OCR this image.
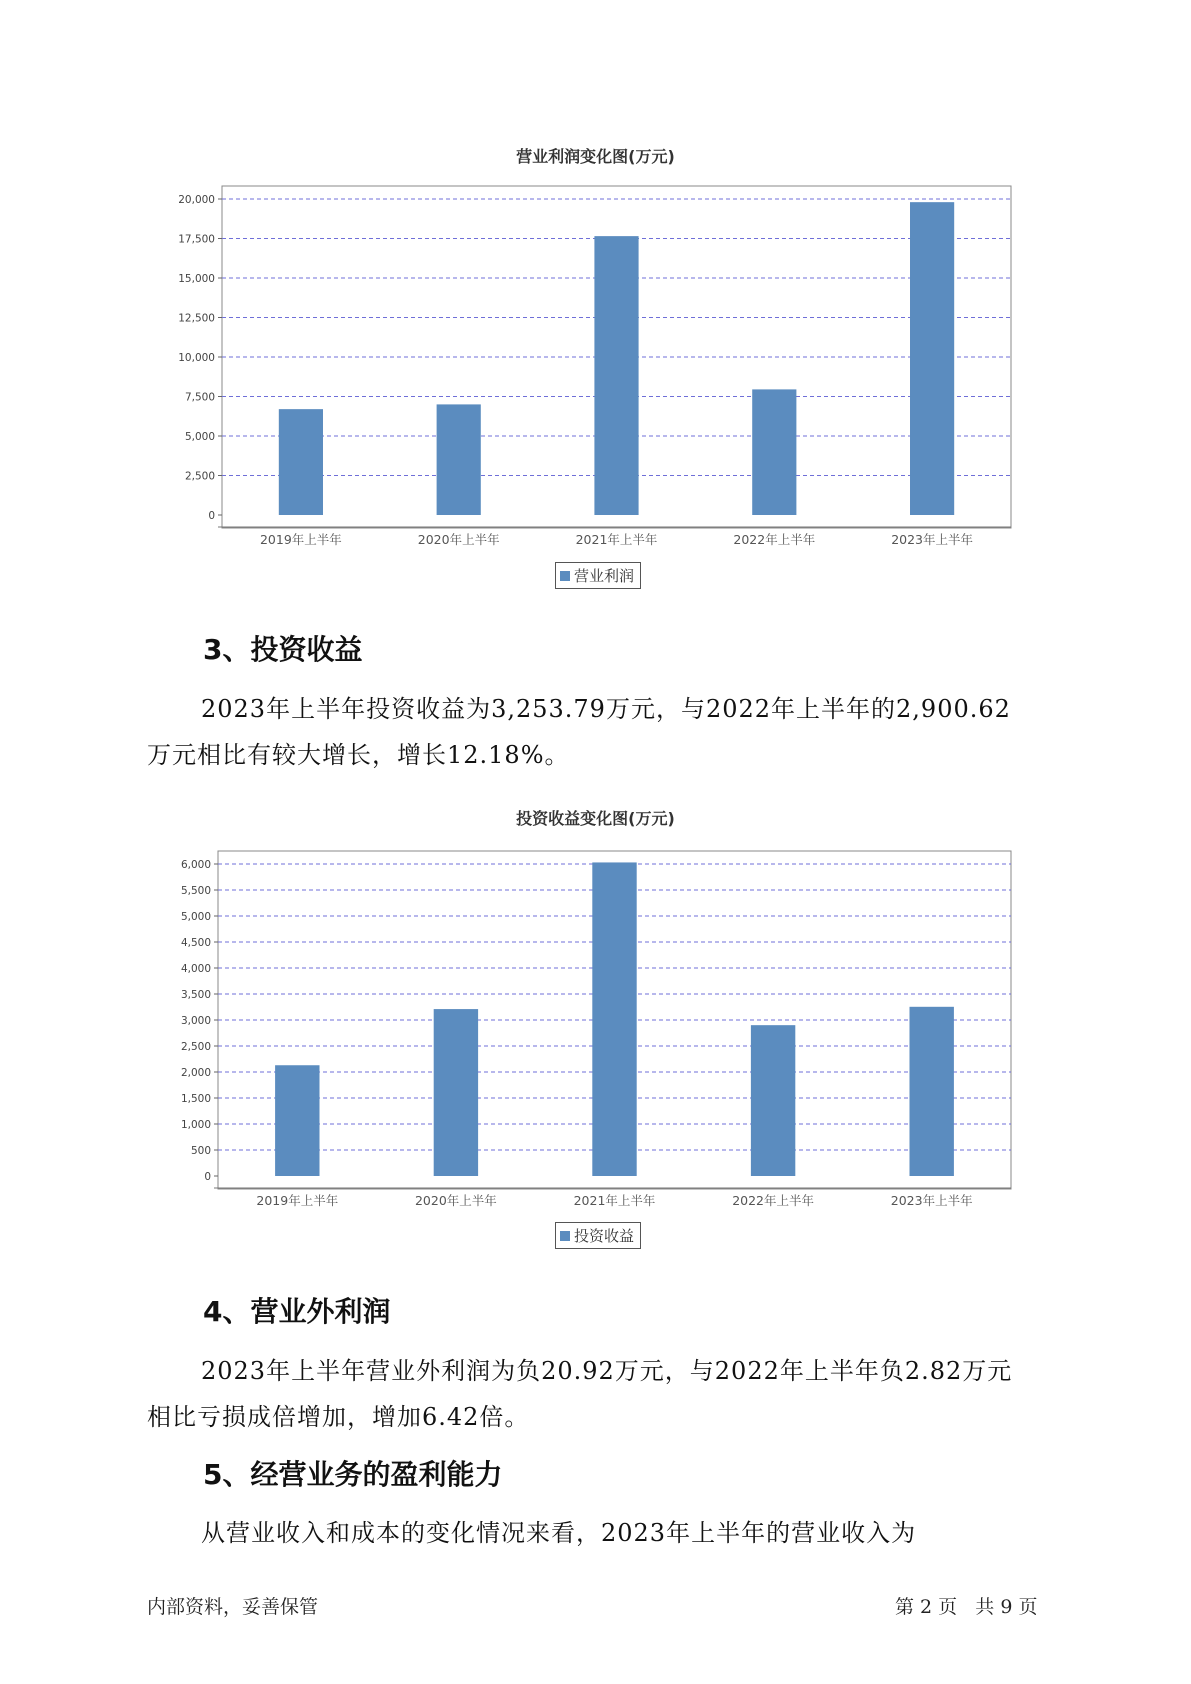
营业利润变化图(万元)
0
2,500
5,000
7,500
10,000
12,500
15,000
17,500
20,000
2019年上半年	2020年上半年	2021年上半年	2022年上半年	2023年上半年
营业利润
3、投资收益
2023年上半年投资收益为3,253.79万元，与2022年上半年的2,900.62
万元相比有较大增长，增长12.18%。
投资收益变化图(万元)
0
500
1,000
1,500
2,000
2,500
3,000
3,500
4,000
4,500
5,000
5,500
6,000
2019年上半年	2020年上半年	2021年上半年	2022年上半年	2023年上半年
投资收益
4、营业外利润
2023年上半年营业外利润为负20.92万元，与2022年上半年负2.82万元
相比亏损成倍增加，增加6.42倍。
5、经营业务的盈利能力
从营业收入和成本的变化情况来看，2023年上半年的营业收入为
内部资料，妥善保管	第 2 页   共 9 页
